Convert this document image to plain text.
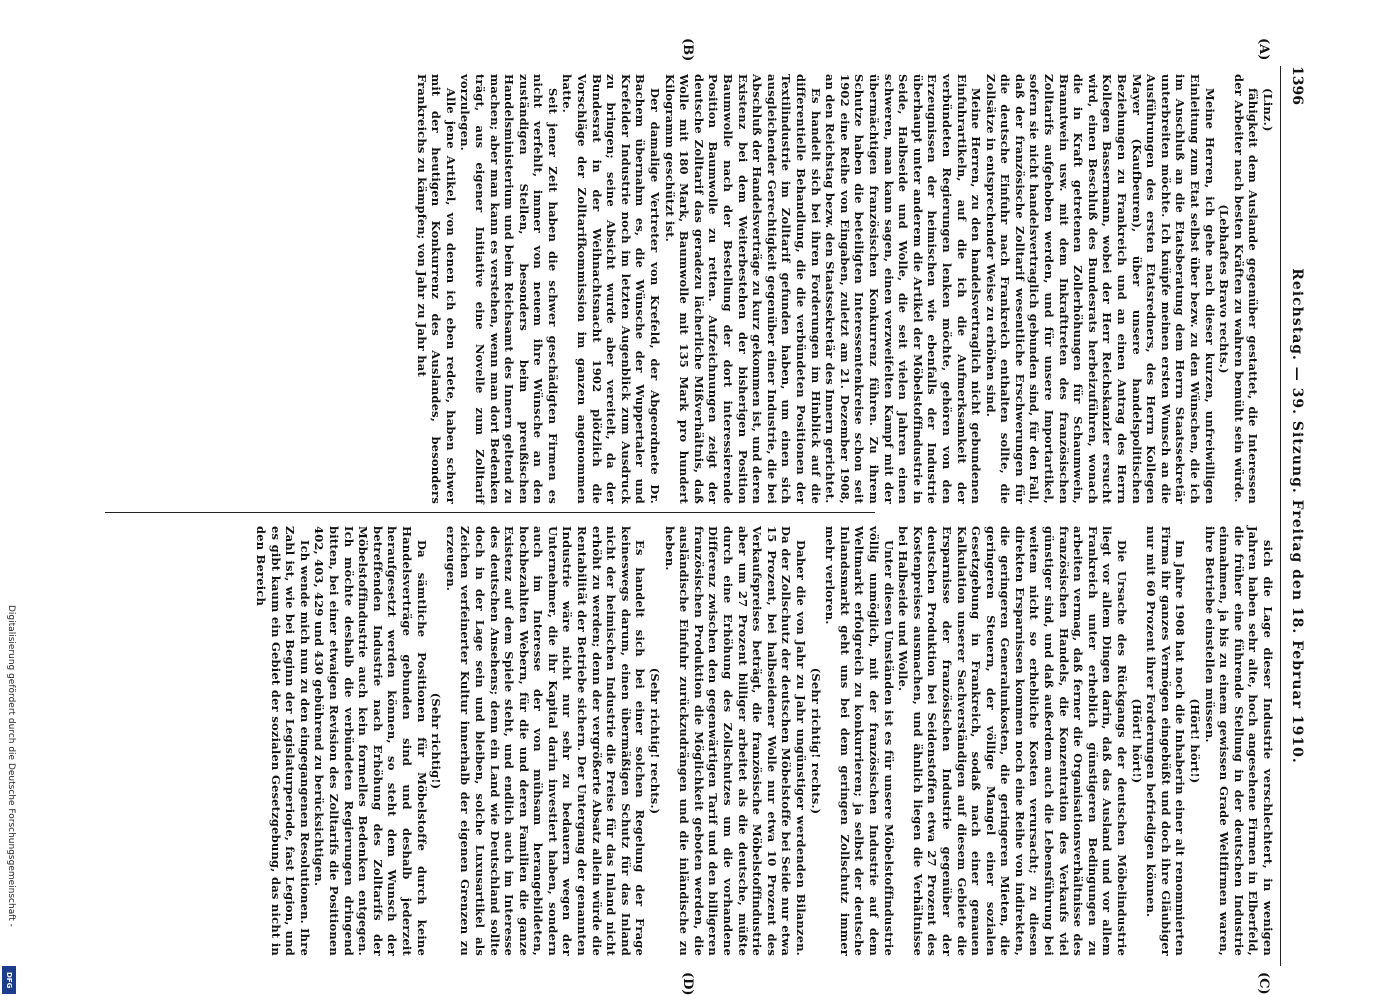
1396
Reichstag. — 39. Sitzung. Freitag den 18. Februar 1910.
(A)
(B)
(C)
(D)

(Linz.)

fähigkeit dem Auslande gegenüber gestattet, die Interessen der Arbeiter nach besten Kräften zu wahren bemüht sein würde.

(Lebhaftes Bravo rechts.)

Meine Herren, ich gehe nach dieser kurzen, unfreiwilligen Einleitung zum Etat selbst über bezw. zu den Wünschen, die ich im Anschluß an die Etatsberatung dem Herrn Staatssekretär unterbreiten möchte. Ich knüpfe meinen ersten Wunsch an die Ausführungen des ersten Etatsredners, des Herrn Kollegen Mayer (Kaufbeuren), über unsere handelspolitischen Beziehungen zu Frankreich und an einen Antrag des Herrn Kollegen Bassermann, wobei der Herr Reichskanzler ersucht wird, einen Beschluß des Bundesrats herbeizuführen, wonach die in Kraft getretenen Zollerhöhungen für Schaumwein, Branntwein usw. mit dem Inkrafttreten des französischen Zolltarifs aufgehoben werden, und für unsere Importartikel, sofern sie nicht handelsvertraglich gebunden sind, für den Fall, daß der französische Zolltarif wesentliche Erschwerungen für die deutsche Einfuhr nach Frankreich enthalten sollte, die Zollsätze in entsprechender Weise zu erhöhen sind.

Meine Herren, zu den handelsvertraglich nicht gebundenen Einfuhrartikeln, auf die ich die Aufmerksamkeit der verbündeten Regierungen lenken möchte, gehören von den Erzeugnissen der heimischen wie ebenfalls der Industrie überhaupt unter anderem die Artikel der Möbelstoffindustrie in Seide, Halbseide und Wolle, die seit vielen Jahren einen schweren, man kann sagen, einen verzweifelten Kampf mit der übermächtigen französischen Konkurrenz führen. Zu ihrem Schutze haben die beteiligten Interessentenkreise schon seit 1902 eine Reihe von Eingaben, zuletzt am 21. Dezember 1908, an den Reichstag bezw. den Staatssekretär des Innern gerichtet.

Es handelt sich bei ihren Forderungen im Hinblick auf die differentielle Behandlung, die die verbündeten Positionen der Textilindustrie im Zolltarif gefunden haben, um einen sich ausgleichender Gerechtigkeit gegenüber einer Industrie, die bei Abschluß der Handelsverträge zu kurz gekommen ist, und deren Existenz bei dem Weiterbestehen der bisherigen Position Baumwolle nach der Bestellung der dort interessierende Position Baumwolle zu retten. Aufzeichnungen zeigt der deutsche Zolltarif das geradezu lächerliche Mißverhältnis, daß Wolle mit 180 Mark, Baumwolle mit 135 Mark pro hundert Kilogramm geschützt ist.

Der damalige Vertreter von Krefeld, der Abgeordnete Dr. Bachem übernahm es, die Wünsche der Wuppertaler und Krefelder Industrie noch im letzten Augenblick zum Ausdruck zu bringen; seine Absicht wurde aber vereitelt, da der Bundesrat in der Weihnachtsnacht 1902 plötzlich die Vorschläge der Zolltarifkommission im ganzen angenommen hatte.

Seit jener Zeit haben die schwer geschädigten Firmen es nicht verfehlt, immer von neuem ihre Wünsche an den zuständigen Stellen, besonders beim preußischen Handelsministerium und beim Reichsamt des Innern geltend zu machen; aber man kann es verstehen, wenn man dort Bedenken trägt, aus eigener Initiative eine Novelle zum Zolltarif vorzulegen.

Alle jene Artikel, von denen ich eben redete, haben schwer mit der heutigen Konkurrenz des Auslandes, besonders Frankreichs zu kämpfen; von Jahr zu Jahr hat

sich die Lage dieser Industrie verschlechtert, in wenigen Jahren haben sehr alte, hoch angesehene Firmen in Elberfeld, die früher eine führende Stellung in der deutschen Industrie einnahmen, ja bis zu einem gewissen Grade Weltfirmen waren, ihre Betriebe einstellen müssen.

(Hört! hört!)

Im Jahre 1908 hat noch die Inhaberin einer alt renommierten Firma ihr ganzes Vermögen eingebüßt und doch ihre Gläubiger nur mit 60 Prozent ihrer Forderungen befriedigen können.

(Hört! hört!)

Die Ursache des Rückgangs der deutschen Möbelindustrie liegt vor allem Dingen darin, daß das Ausland und vor allem Frankreich unter erheblich günstigeren Bedingungen zu arbeiten vermag, daß ferner die Organisationsverhältnisse des französischen Handels, die Konzentration des Verkaufs viel günstiger sind, und daß außerdem auch die Lebensführung bei weitem nicht so erhebliche Kosten verursacht; zu diesen direkten Ersparnissen kommen noch eine Reihe von indirekten, die geringeren Generalunkosten, die geringeren Mieten, die geringeren Steuern, der völlige Mangel einer sozialen Gesetzgebung in Frankreich, sodaß nach einer genauen Kalkulation unserer Sachverständigen auf diesem Gebiete die Ersparnisse der französischen Industrie gegenüber der deutschen Produktion bei Seidenstoffen etwa 27 Prozent des Kostenpreises ausmachen, und ähnlich liegen die Verhältnisse bei Halbseide und Wolle.

Unter diesen Umständen ist es für unsere Möbelstoffindustrie völlig unmöglich, mit der französischen Industrie auf dem Weltmarkt erfolgreich zu konkurrieren; ja selbst der deutsche Inlandsmarkt geht uns bei dem geringen Zollschutz immer mehr verloren.

(Sehr richtig! rechts.)

Daher die von Jahr zu Jahr ungünstiger werdenden Bilanzen. Da der Zollschutz der deutschen Möbelstoffe bei Seide nur etwa 15 Prozent, bei halbseidener Wolle nur etwa 10 Prozent des Verkaufspreises beträgt, die französische Möbelstoffindustrie aber um 27 Prozent billiger arbeitet als die deutsche, müßte durch eine Erhöhung des Zollschutzes um die vorhandene Differenz zwischen den gegenwärtigen Tarif und den billigeren französischen Produktion die Möglichkeit geboten werden, die ausländische Einfuhr zurückzudrängen und die inländische zu heben.

(Sehr richtig! rechts.)

Es handelt sich bei einer solchen Regelung der Frage keineswegs darum, einen übermäßigen Schutz für das Inland nicht der heimischen Industrie die Preise für das Inland nicht erhöht zu werden; denn der vergrößerte Absatz allein würde die Rentabilität der Betriebe sichern. Der Untergang der genannten Industrie wäre nicht nur sehr zu bedauern wegen der Unternehmer, die ihr Kapital darin investiert haben, sondern auch im Interesse der von mühsam herangebildeten, hochbezahlten Webern, für die und deren Familien die ganze Existenz auf dem Spiele steht, und endlich auch im Interesse des deutschen Ansehens; denn ein Land wie Deutschland sollte doch in der Lage sein und bleiben, solche Luxusartikel als Zeichen verfeinerter Kultur innerhalb der eigenen Grenzen zu erzeugen.

(Sehr richtig!)

Da sämtliche Positionen für Möbelstoffe durch keine Handelsverträge gebunden sind und deshalb jederzeit heraufgesetzt werden können, so steht dem Wunsch der betreffenden Industrie nach Erhöhung des Zolltarifs der Möbelstoffindustrie auch kein formelles Bedenken entgegen. Ich möchte deshalb die verbündeten Regierungen dringend bitten, bei einer etwaigen Revision des Zolltarifs die Positionen 402, 403, 429 und 430 gebührend zu berücksichtigen.

Ich wende mich nun zu den eingegangenen Resolutionen. Ihre Zahl ist, wie bei Beginn der Legislaturperiode, fast Legion, und es gibt kaum ein Gebiet der sozialen Gesetzgebung, das nicht in den Bereich

Digitalisierung gefördert durch die Deutsche Forschungsgemeinschaft -
DFG
